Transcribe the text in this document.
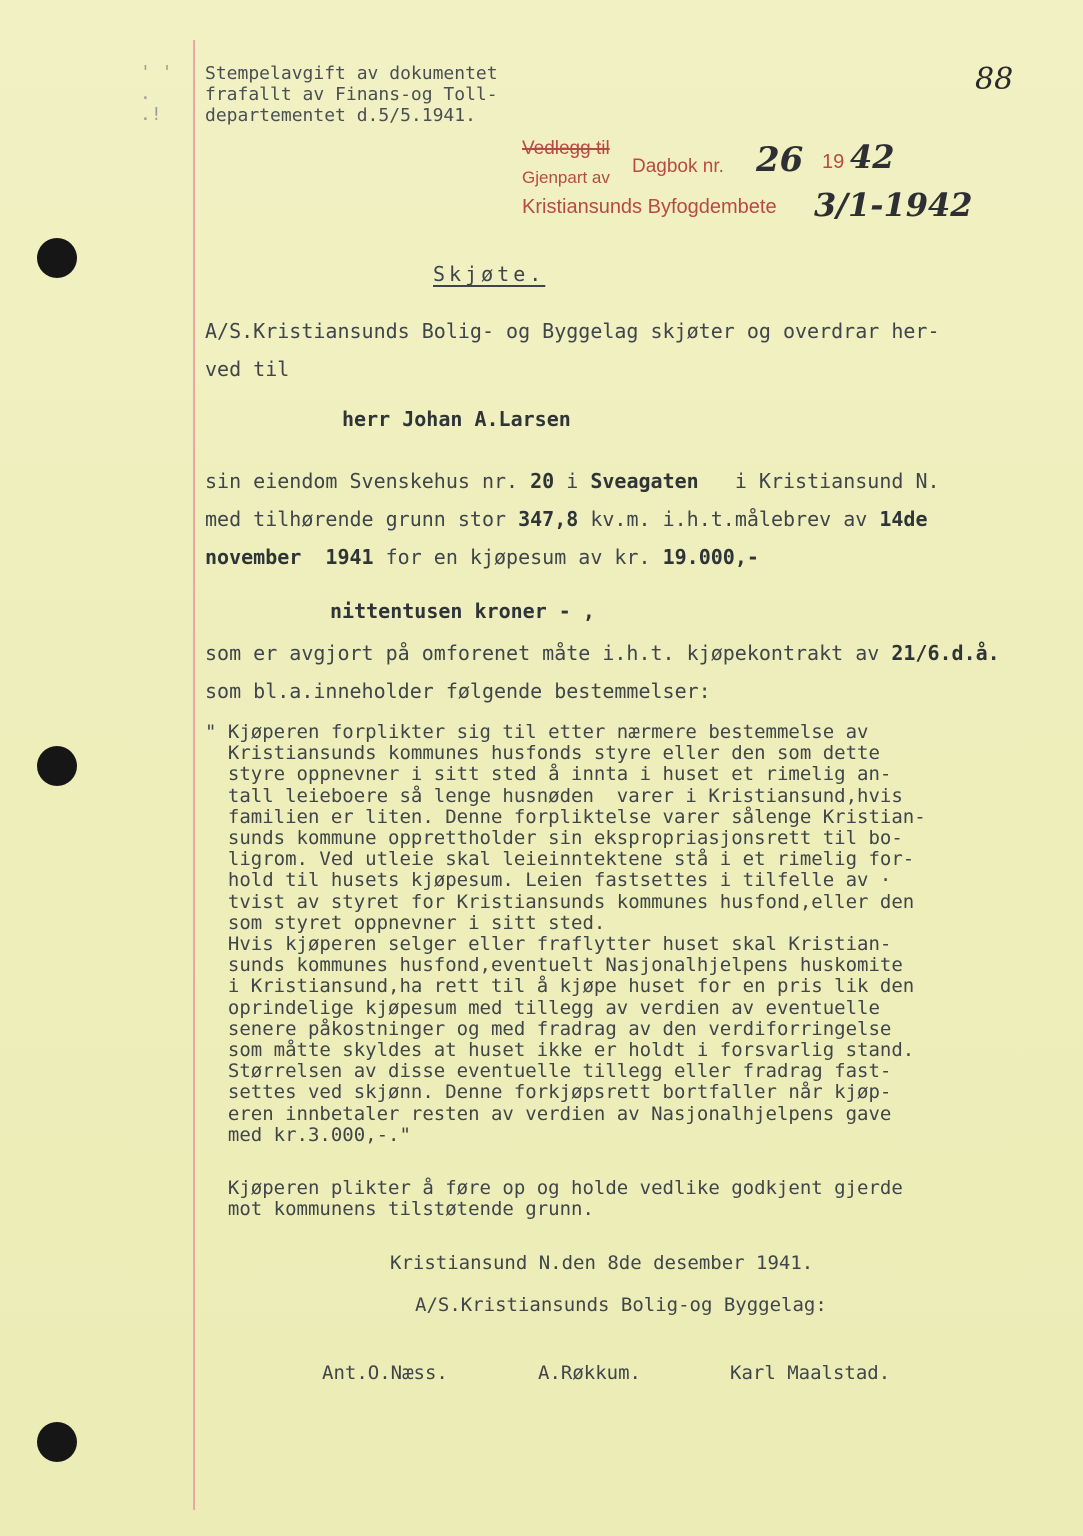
' '
.
.!
Stempelavgift av dokumentet
frafallt av Finans-og Toll-
departementet d.5/5.1941.
88
Vedlegg til
Gjenpart av
Dagbok nr. 26 19 42
Kristiansunds Byfogdembete 3/1-1942
Skjøte.
A/S.Kristiansunds Bolig- og Byggelag skjøter og overdrar her-
ved til
herr Johan A.Larsen
sin eiendom Svenskehus nr. 20 i Sveagaten   i Kristiansund N.
med tilhørende grunn stor 347,8 kv.m. i.h.t.målebrev av 14de
november 1941 for en kjøpesum av kr. 19.000,-
nittentusen kroner - ,
som er avgjort på omforenet måte i.h.t. kjøpekontrakt av 21/6.d.å.
som bl.a.inneholder følgende bestemmelser:
" Kjøperen forplikter sig til etter nærmere bestemmelse av
Kristiansunds kommunes husfonds styre eller den som dette
styre oppnevner i sitt sted å innta i huset et rimelig an-
tall leieboere så lenge husnøden  varer i Kristiansund,hvis
familien er liten. Denne forpliktelse varer sålenge Kristian-
sunds kommune opprettholder sin ekspropriasjonsrett til bo-
ligrom. Ved utleie skal leieinntektene stå i et rimelig for-
hold til husets kjøpesum. Leien fastsettes i tilfelle av ·
tvist av styret for Kristiansunds kommunes husfond,eller den
som styret oppnevner i sitt sted.
Hvis kjøperen selger eller fraflytter huset skal Kristian-
sunds kommunes husfond,eventuelt Nasjonalhjelpens huskomite
i Kristiansund,ha rett til å kjøpe huset for en pris lik den
oprindelige kjøpesum med tillegg av verdien av eventuelle
senere påkostninger og med fradrag av den verdiforringelse
som måtte skyldes at huset ikke er holdt i forsvarlig stand.
Størrelsen av disse eventuelle tillegg eller fradrag fast-
settes ved skjønn. Denne forkjøpsrett bortfaller når kjøp-
eren innbetaler resten av verdien av Nasjonalhjelpens gave
med kr.3.000,-."
Kjøperen plikter å føre op og holde vedlike godkjent gjerde
mot kommunens tilstøtende grunn.
Kristiansund N.den 8de desember 1941.
A/S.Kristiansunds Bolig-og Byggelag:
Ant.O.Næss.	A.Røkkum.	Karl Maalstad.
